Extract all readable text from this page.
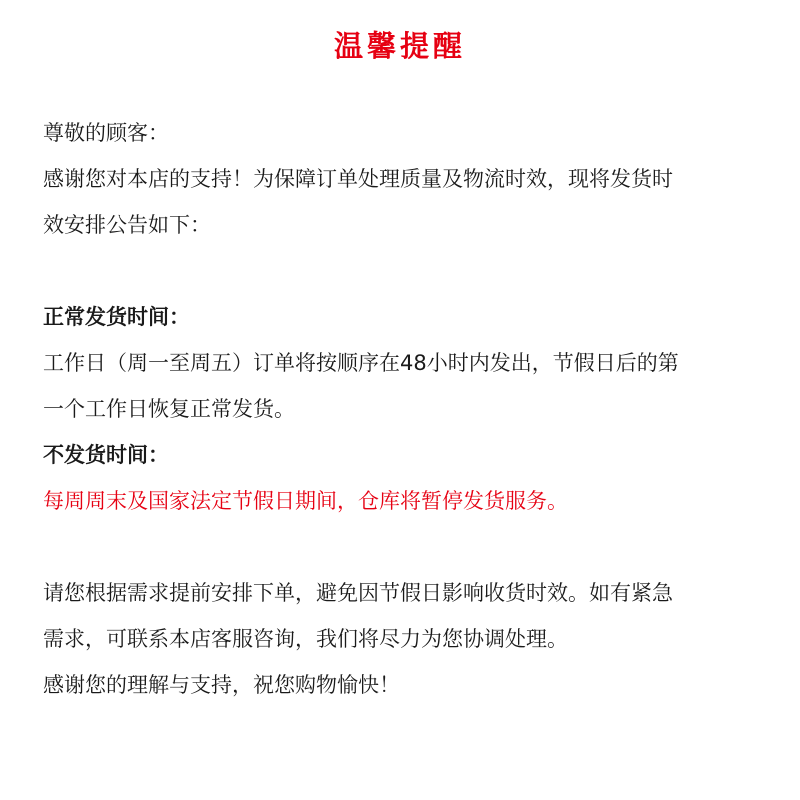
温馨提醒
尊敬的顾客：
感谢您对本店的支持！为保障订单处理质量及物流时效，现将发货时
效安排公告如下：
正常发货时间：
工作日（周一至周五）订单将按顺序在48小时内发出，节假日后的第
一个工作日恢复正常发货。
不发货时间：
每周周末及国家法定节假日期间，仓库将暂停发货服务。
请您根据需求提前安排下单，避免因节假日影响收货时效。如有紧急
需求，可联系本店客服咨询，我们将尽力为您协调处理。
感谢您的理解与支持，祝您购物愉快！
